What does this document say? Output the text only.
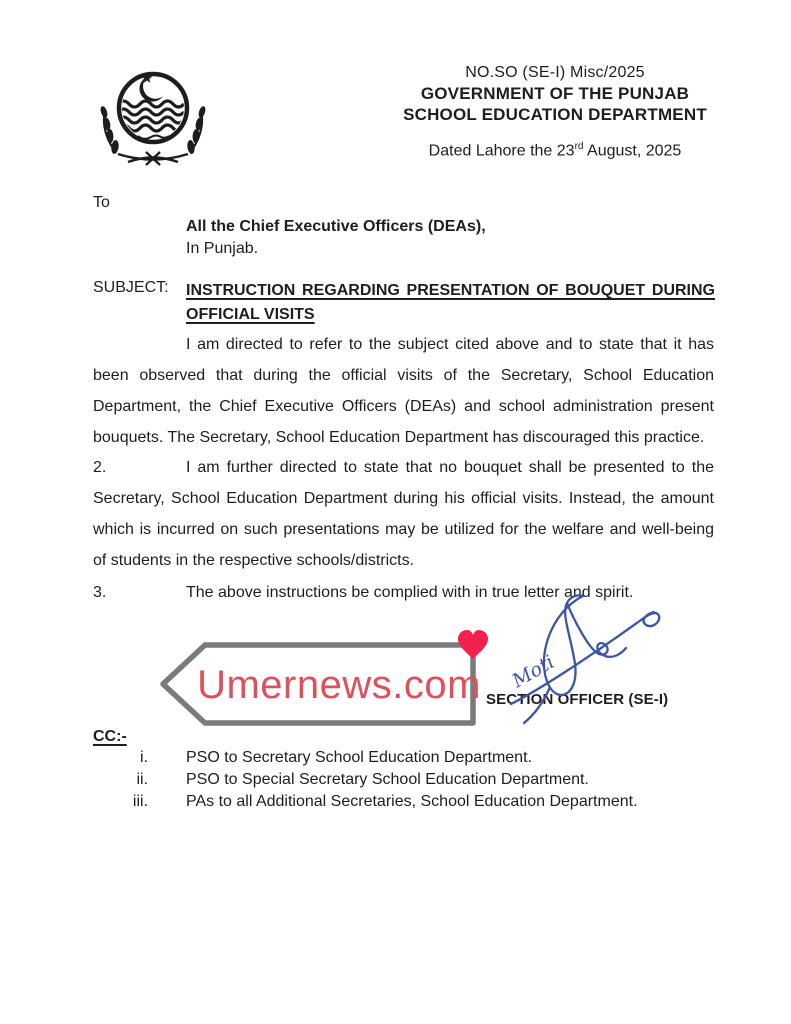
NO.SO (SE-I) Misc/2025
GOVERNMENT OF THE PUNJAB
SCHOOL EDUCATION DEPARTMENT
Dated Lahore the 23rd August, 2025
To
All the Chief Executive Officers (DEAs),
In Punjab.
SUBJECT:	INSTRUCTION REGARDING PRESENTATION OF BOUQUET DURING OFFICIAL VISITS

I am directed to refer to the subject cited above and to state that it has been observed that during the official visits of the Secretary, School Education Department, the Chief Executive Officers (DEAs) and school administration present bouquets. The Secretary, School Education Department has discouraged this practice.

2.	I am further directed to state that no bouquet shall be presented to the Secretary, School Education Department during his official visits. Instead, the amount which is incurred on such presentations may be utilized for the welfare and well-being of students in the respective schools/districts.

3.	The above instructions be complied with in true letter and spirit.

Moti
SECTION OFFICER (SE-I)
Umernews.com
CC:-
i.	PSO to Secretary School Education Department.
ii.	PSO to Special Secretary School Education Department.
iii.	PAs to all Additional Secretaries, School Education Department.
